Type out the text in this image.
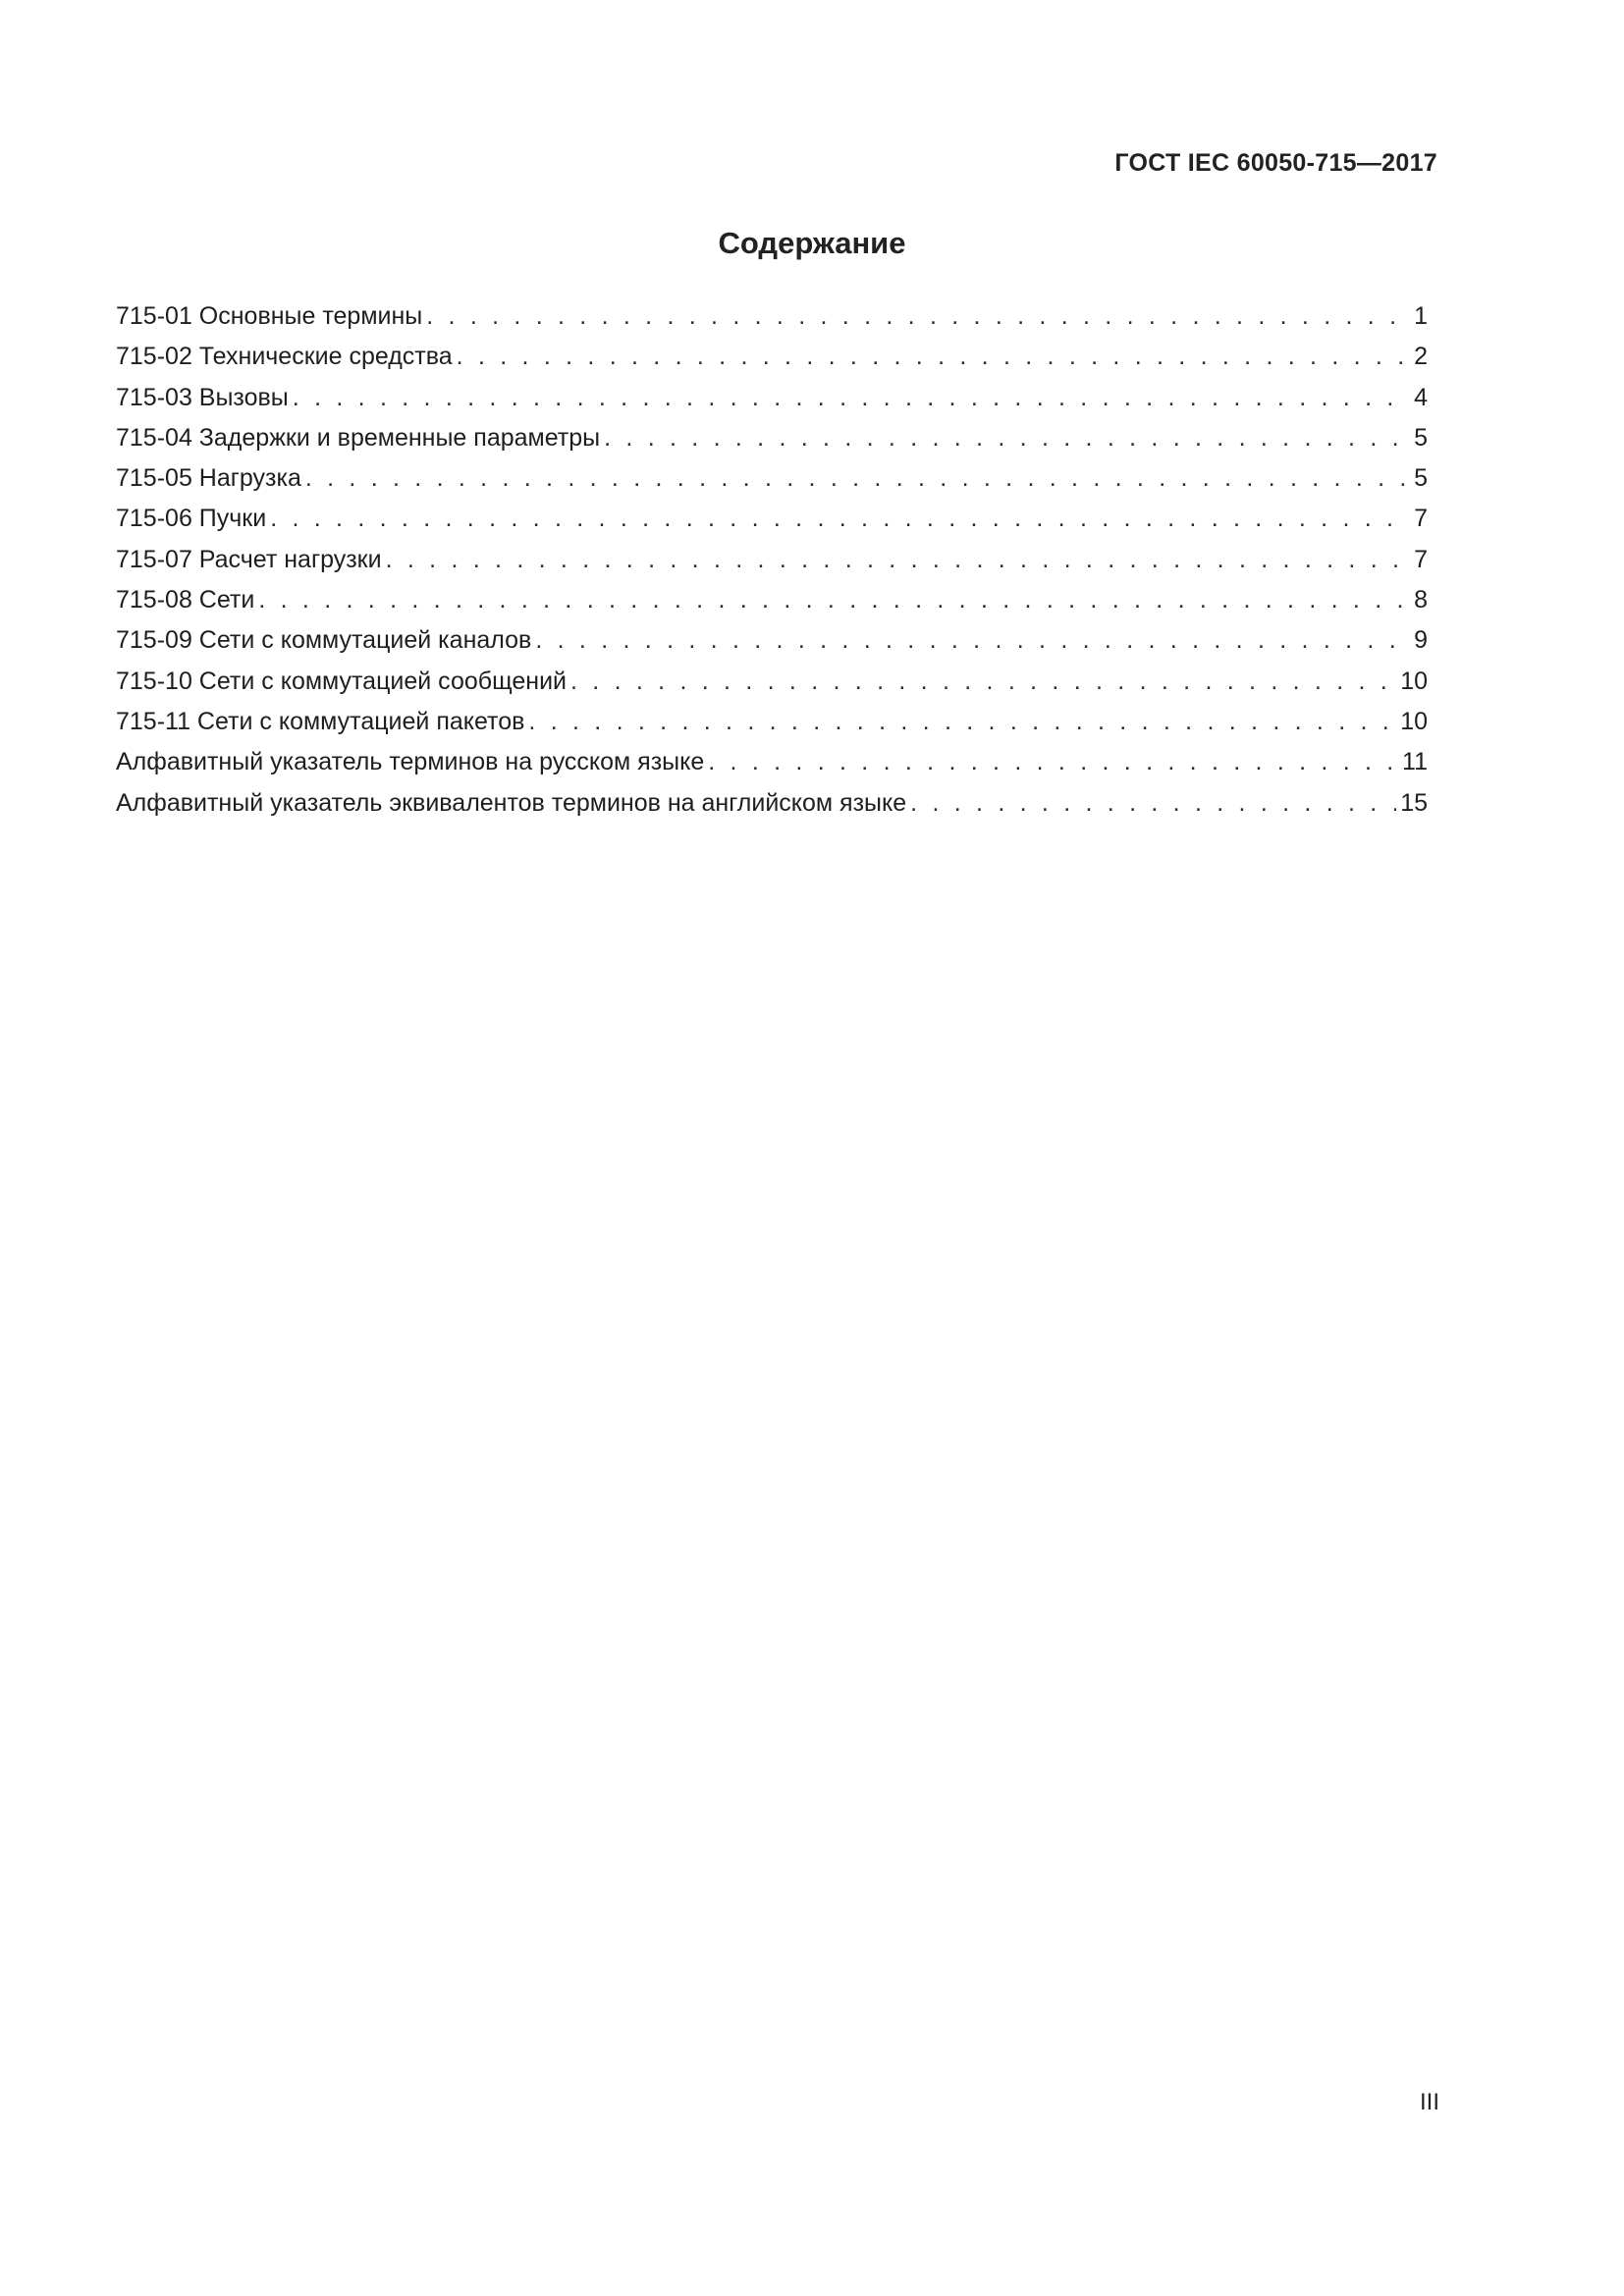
ГОСТ IEC 60050-715—2017
Содержание
715-01 Основные термины . . .	1
715-02 Технические средства . . .	2
715-03 Вызовы . . .	4
715-04 Задержки и временные параметры . . .	5
715-05 Нагрузка . . .	5
715-06 Пучки . . .	7
715-07 Расчет нагрузки . . .	7
715-08 Сети . . .	8
715-09 Сети с коммутацией каналов . . .	9
715-10 Сети с коммутацией сообщений . . .	10
715-11 Сети с коммутацией пакетов . . .	10
Алфавитный указатель терминов на русском языке . . .	11
Алфавитный указатель эквивалентов терминов на английском языке . . .	15
III
